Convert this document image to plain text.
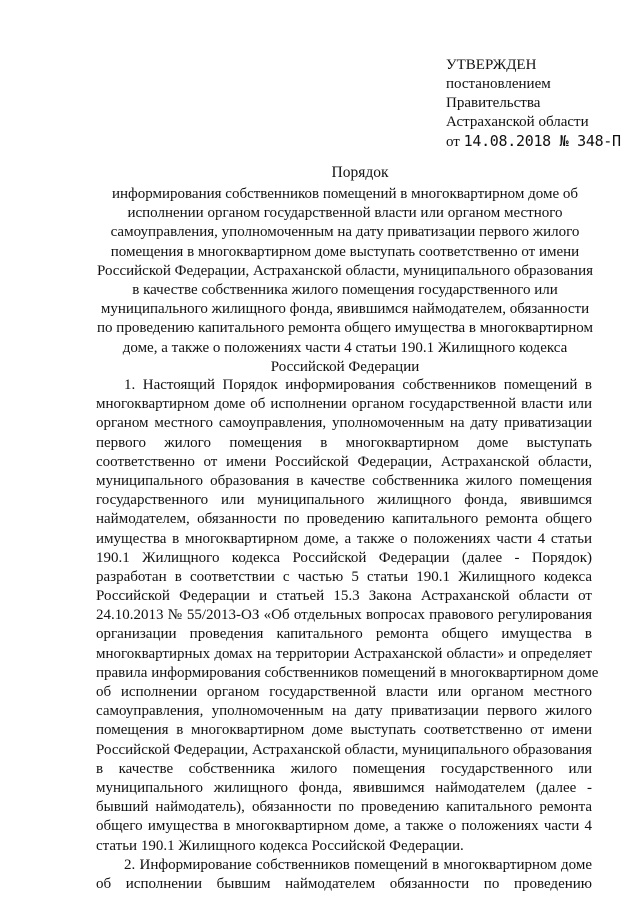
УТВЕРЖДЕН
постановлением
Правительства
Астраханской области
от 14.08.2018 № 348-П
Порядок
информирования собственников помещений в многоквартирном доме об
исполнении органом государственной власти или органом местного
самоуправления, уполномоченным на дату приватизации первого жилого
помещения в многоквартирном доме выступать соответственно от имени
Российской Федерации, Астраханской области, муниципального образования
в качестве собственника жилого помещения государственного или
муниципального жилищного фонда, явившимся наймодателем, обязанности
по проведению капитального ремонта общего имущества в многоквартирном
доме, а также о положениях части 4 статьи 190.1 Жилищного кодекса
Российской Федерации
1. Настоящий Порядок информирования собственников помещений в
многоквартирном доме об исполнении органом государственной власти или
органом местного самоуправления, уполномоченным на дату приватизации
первого жилого помещения в многоквартирном доме выступать
соответственно от имени Российской Федерации, Астраханской области,
муниципального образования в качестве собственника жилого помещения
государственного или муниципального жилищного фонда, явившимся
наймодателем, обязанности по проведению капитального ремонта общего
имущества в многоквартирном доме, а также о положениях части 4 статьи
190.1 Жилищного кодекса Российской Федерации (далее - Порядок)
разработан в соответствии с частью 5 статьи 190.1 Жилищного кодекса
Российской Федерации и статьей 15.3 Закона Астраханской области от
24.10.2013 № 55/2013-ОЗ «Об отдельных вопросах правового регулирования
организации проведения капитального ремонта общего имущества в
многоквартирных домах на территории Астраханской области» и определяет
правила информирования собственников помещений в многоквартирном доме
об исполнении органом государственной власти или органом местного
самоуправления, уполномоченным на дату приватизации первого жилого
помещения в многоквартирном доме выступать соответственно от имени
Российской Федерации, Астраханской области, муниципального образования
в качестве собственника жилого помещения государственного или
муниципального жилищного фонда, явившимся наймодателем (далее -
бывший наймодатель), обязанности по проведению капитального ремонта
общего имущества в многоквартирном доме, а также о положениях части 4
статьи 190.1 Жилищного кодекса Российской Федерации.
2. Информирование собственников помещений в многоквартирном доме
об исполнении бывшим наймодателем обязанности по проведению
